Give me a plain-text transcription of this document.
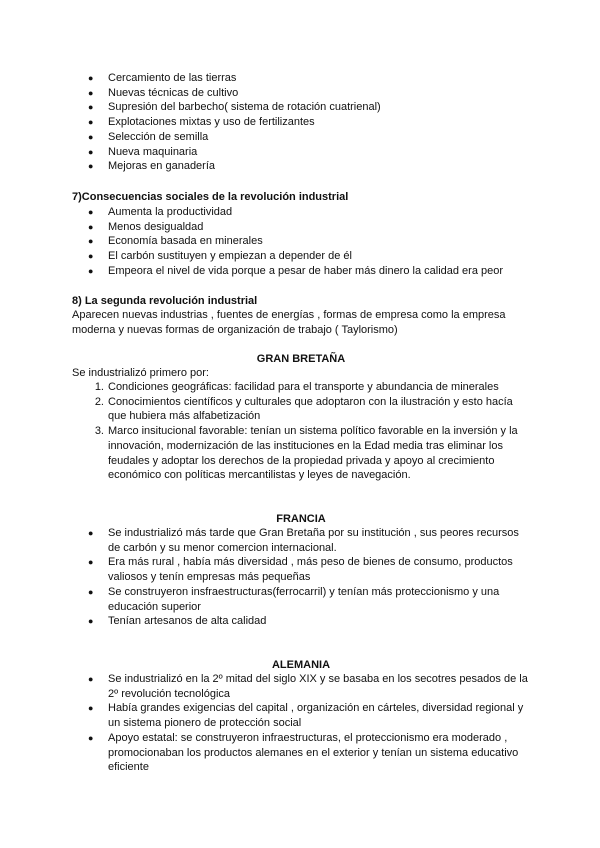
●	Cercamiento de las tierras
●	Nuevas técnicas de cultivo
●	Supresión del barbecho( sistema de rotación cuatrienal)
●	Explotaciones mixtas y uso de fertilizantes
●	Selección de semilla
●	Nueva maquinaria
●	Mejoras en ganadería
7)Consecuencias sociales de la revolución industrial
●	Aumenta la productividad
●	Menos desigualdad
●	Economía basada en minerales
●	El carbón sustituyen y empiezan a depender de él
●	Empeora el nivel de vida porque a pesar de haber más dinero la calidad era peor
8) La segunda revolución industrial

Aparecen nuevas industrias , fuentes de energías , formas de empresa como la empresa moderna y nuevas formas de organización de trabajo ( Taylorismo)

GRAN BRETAÑA

Se industrializó primero por:

1. Condiciones geográficas: facilidad para el transporte y abundancia de minerales
2. Conocimientos científicos y culturales que adoptaron con la ilustración y esto hacía que hubiera más alfabetización
3. Marco insitucional favorable: tenían un sistema político favorable en la inversión y la innovación, modernización de las instituciones en la Edad media tras eliminar los feudales y adoptar los derechos de la propiedad privada y apoyo al crecimiento económico con políticas mercantilistas y leyes de navegación.
FRANCIA
●	Se industrializó más tarde que Gran Bretaña por su institución , sus peores recursos de carbón y su menor comercion internacional.
●	Era más rural , había más diversidad , más peso de bienes de consumo, productos valiosos y tenín empresas más pequeñas
●	Se construyeron insfraestructuras(ferrocarril) y tenían más proteccionismo y una educación superior
●	Tenían artesanos de alta calidad
ALEMANIA
●	Se industrializó en la 2º mitad del siglo XIX y se basaba en los secotres pesados de la 2º revolución tecnológica
●	Había grandes exigencias del capital , organización en cárteles, diversidad regional y un sistema pionero de protección social
●	Apoyo estatal: se construyeron infraestructuras, el proteccionismo era moderado , promocionaban los productos alemanes en el exterior y tenían un sistema educativo eficiente
